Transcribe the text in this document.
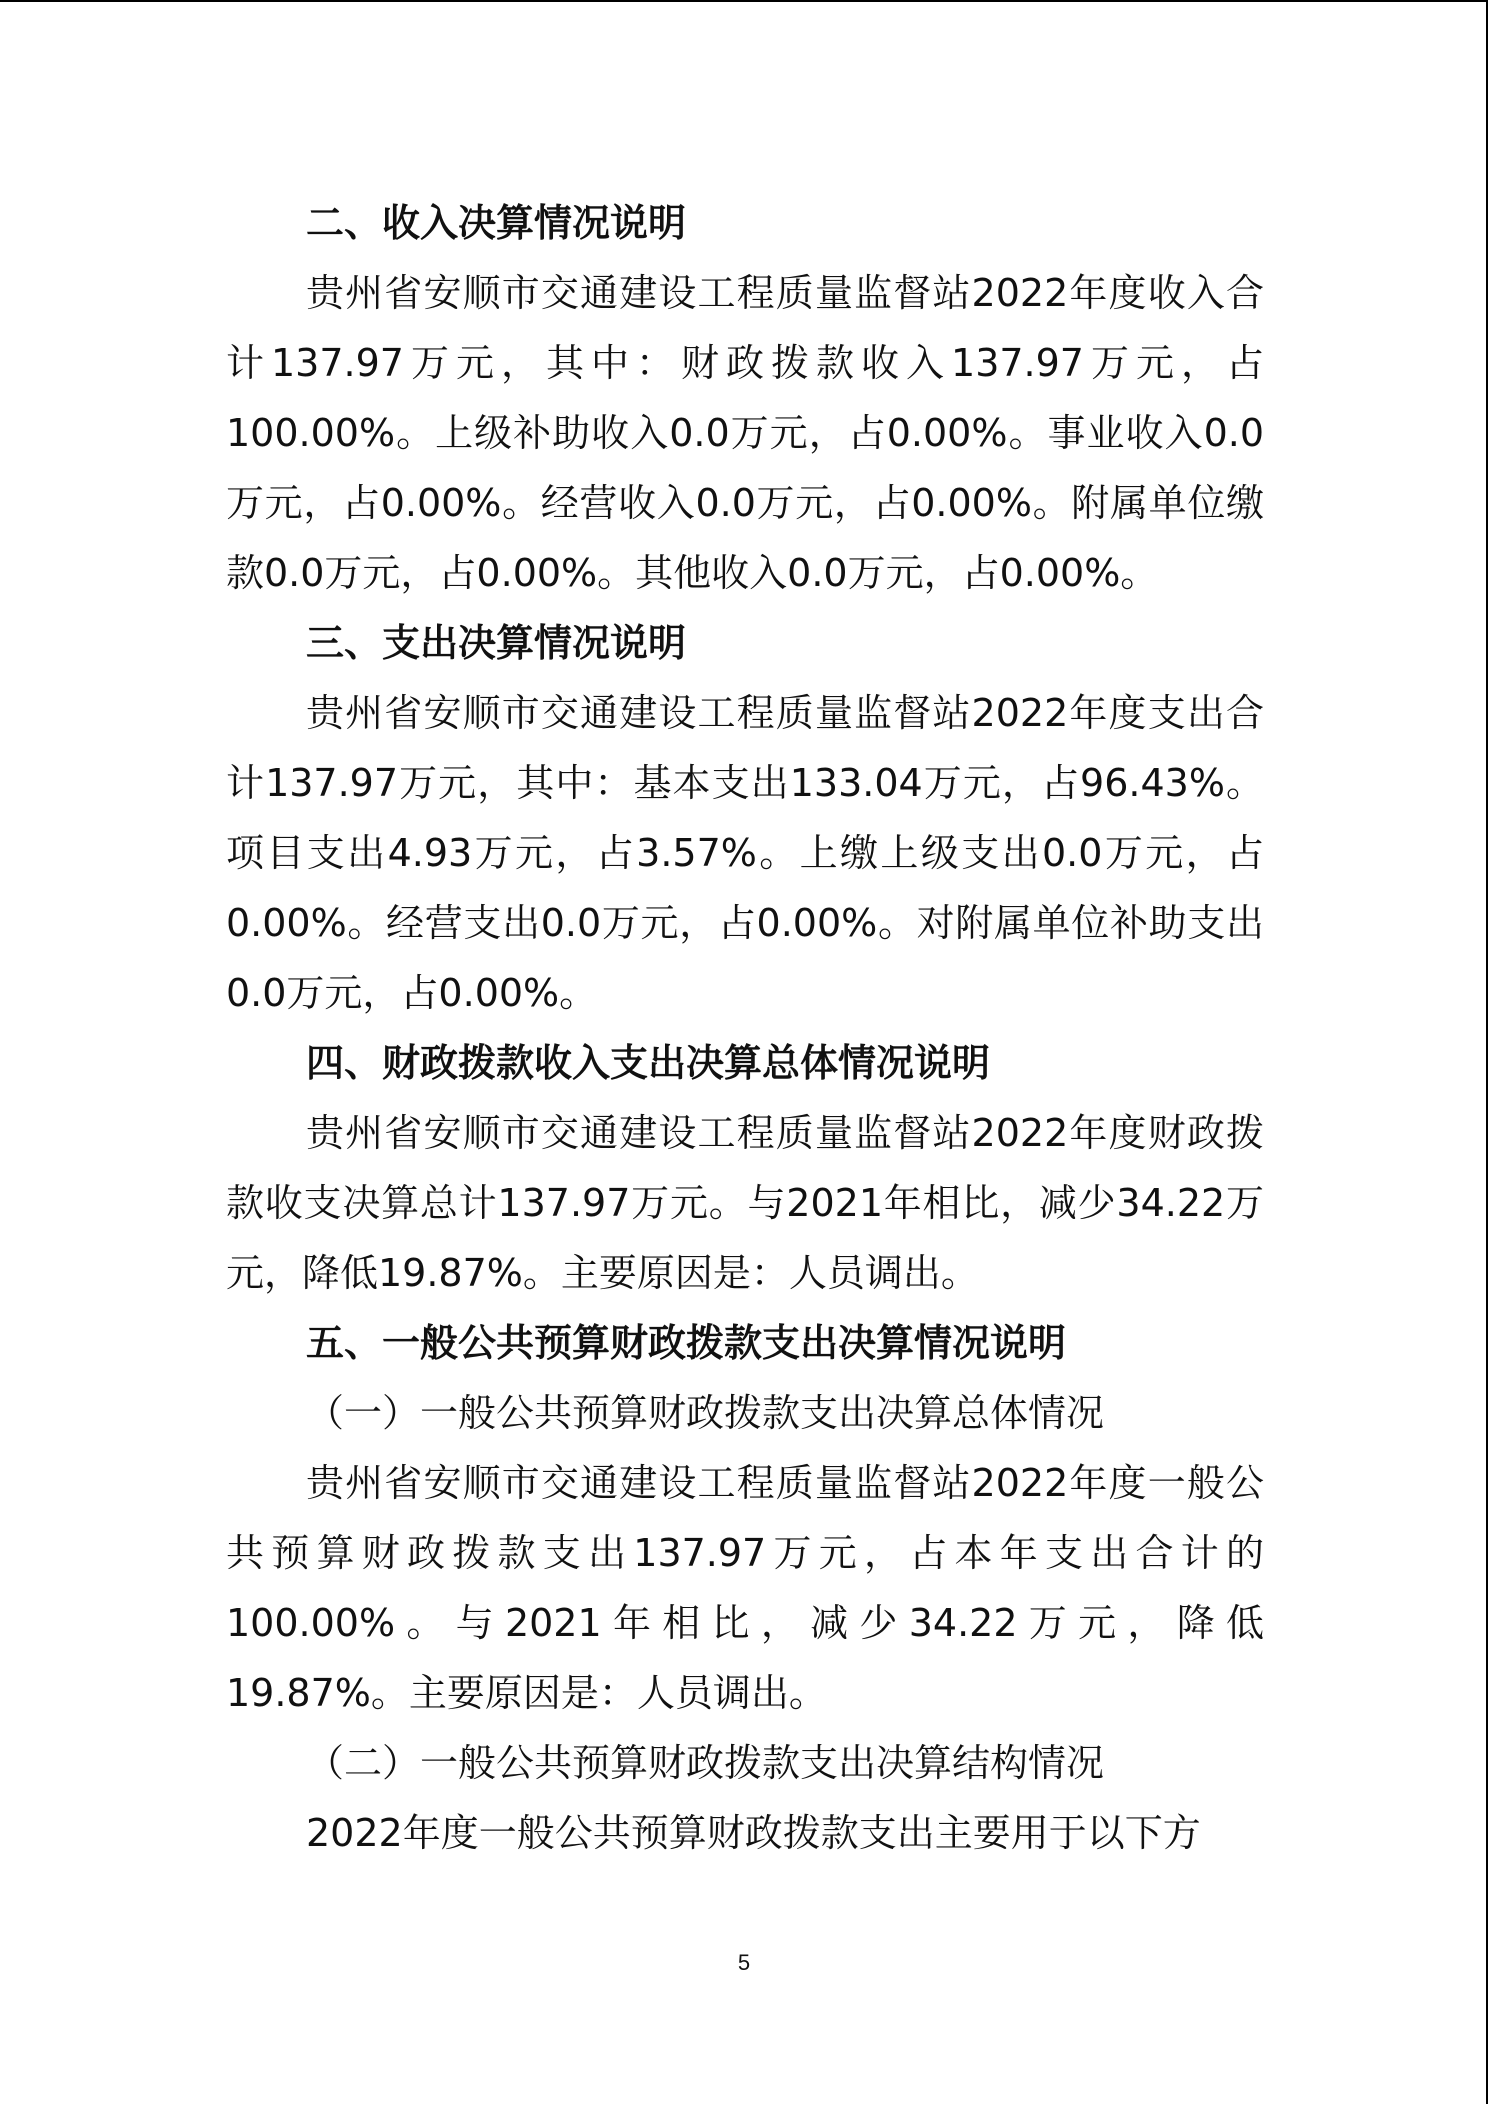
二、收入决算情况说明

贵州省安顺市交通建设工程质量监督站2022年度收入合计137.97万元，其中：财政拨款收入137.97万元，占100.00%。上级补助收入0.0万元，占0.00%。事业收入0.0万元，占0.00%。经营收入0.0万元，占0.00%。附属单位缴款0.0万元，占0.00%。其他收入0.0万元，占0.00%。

三、支出决算情况说明

贵州省安顺市交通建设工程质量监督站2022年度支出合计137.97万元，其中：基本支出133.04万元，占96.43%。项目支出4.93万元，占3.57%。上缴上级支出0.0万元，占0.00%。经营支出0.0万元，占0.00%。对附属单位补助支出0.0万元，占0.00%。

四、财政拨款收入支出决算总体情况说明

贵州省安顺市交通建设工程质量监督站2022年度财政拨款收支决算总计137.97万元。与2021年相比，减少34.22万元，降低19.87%。主要原因是：人员调出。

五、一般公共预算财政拨款支出决算情况说明

（一）一般公共预算财政拨款支出决算总体情况

贵州省安顺市交通建设工程质量监督站2022年度一般公共预算财政拨款支出137.97万元，占本年支出合计的100.00%。与2021年相比，减少34.22万元，降低19.87%。主要原因是：人员调出。

（二）一般公共预算财政拨款支出决算结构情况

2022年度一般公共预算财政拨款支出主要用于以下方

5
